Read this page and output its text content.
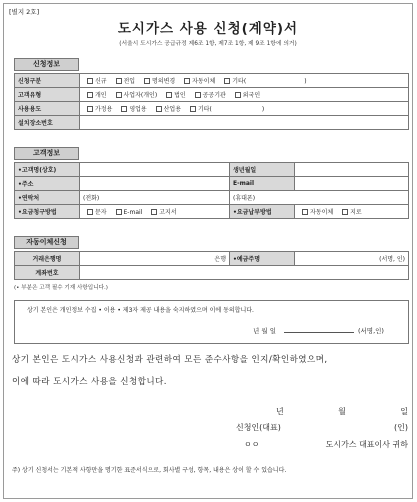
[별지 2호]
도시가스 사용 신청(계약)서
(서울시 도시가스 공급규정 제6조 1항, 제7조 1항, 제 9조 1항에 의거)
신청정보
신청구분	신규 전입 명의변경 자동이체 기타( )
고객유형	개인 사업자(개인) 법인 공공기관 외국인
사용용도	가정용 영업용 산업용 기타( )
설치장소번호	
고객정보
•고객명(상호)		생년월일	
•주소		E-mail	
•연락처	(전화)	(휴대폰)	
•요금청구방법	문자 E-mail 고지서	•요금납부방법	자동이체 지로
자동이체신청
거래은행명	은행	•예금주명	(서명, 인)
계좌번호			
(• 부분은 고객 필수 기재 사항입니다.)
상기 본인은 개인정보 수집 • 이용 • 제3자 제공 내용을 숙지하였으며 이에 동의합니다.
년 월 일	(서명,인)
상기 본인은 도시가스 사용신청과 관련하여 모든 준수사항을 인지/확인하였으며,
이에 따라 도시가스 사용을 신청합니다.
년	월	일
신청인(대표)	(인)
ㅇㅇ	도시가스 대표이사 귀하
주) 상기 신청서는 기본적 사항만을 명기한 표준서식으로, 회사별 구성, 항목, 내용은 상이 할 수 있습니다.
